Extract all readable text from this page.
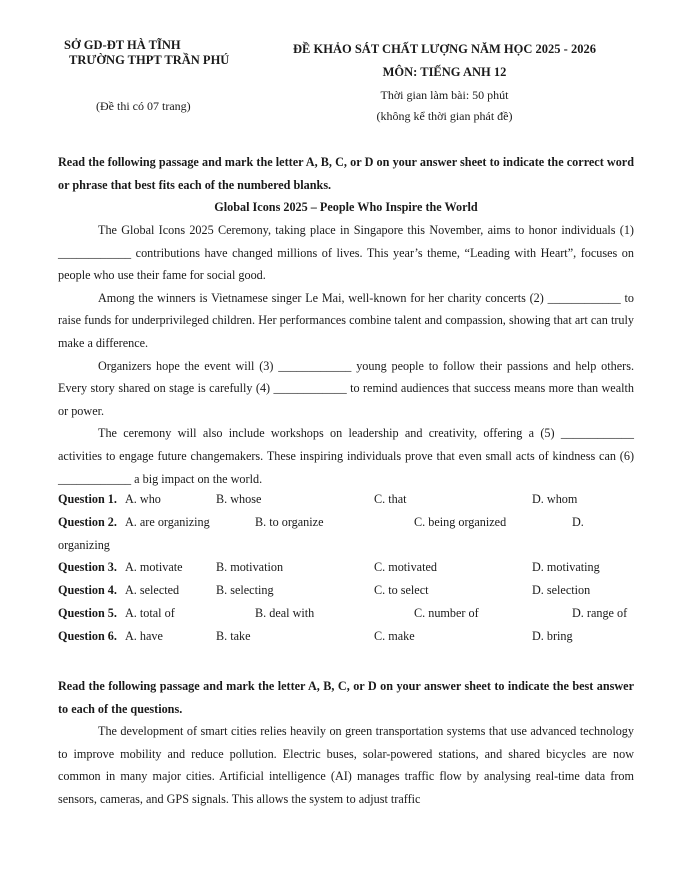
SỞ GD-ĐT HÀ TĨNH
TRƯỜNG THPT TRẦN PHÚ
(Đề thi có 07 trang)
ĐỀ KHẢO SÁT CHẤT LƯỢNG NĂM HỌC 2025 - 2026
MÔN: TIẾNG ANH 12
Thời gian làm bài: 50 phút
(không kể thời gian phát đề)
Read the following passage and mark the letter A, B, C, or D on your answer sheet to indicate the correct word or phrase that best fits each of the numbered blanks.
Global Icons 2025 – People Who Inspire the World
The Global Icons 2025 Ceremony, taking place in Singapore this November, aims to honor individuals (1) ____________ contributions have changed millions of lives. This year’s theme, “Leading with Heart”, focuses on people who use their fame for social good.
Among the winners is Vietnamese singer Le Mai, well-known for her charity concerts (2) ____________ to raise funds for underprivileged children. Her performances combine talent and compassion, showing that art can truly make a difference.
Organizers hope the event will (3) ____________ young people to follow their passions and help others. Every story shared on stage is carefully (4) ____________ to remind audiences that success means more than wealth or power.
The ceremony will also include workshops on leadership and creativity, offering a (5) ____________ activities to engage future changemakers. These inspiring individuals prove that even small acts of kindness can (6) ____________ a big impact on the world.
Question 1. A. who	B. whose	C. that	D. whom
Question 2. A. are organizing	B. to organize	C. being organized	D.
organizing
Question 3. A. motivate	B. motivation	C. motivated	D. motivating
Question 4. A. selected	B. selecting	C. to select	D. selection
Question 5. A. total of	B. deal with	C. number of	D. range of
Question 6. A. have	B. take	C. make	D. bring
Read the following passage and mark the letter A, B, C, or D on your answer sheet to indicate the best answer to each of the questions.
The development of smart cities relies heavily on green transportation systems that use advanced technology to improve mobility and reduce pollution. Electric buses, solar-powered stations, and shared bicycles are now common in many major cities. Artificial intelligence (AI) manages traffic flow by analysing real-time data from sensors, cameras, and GPS signals. This allows the system to adjust traffic
